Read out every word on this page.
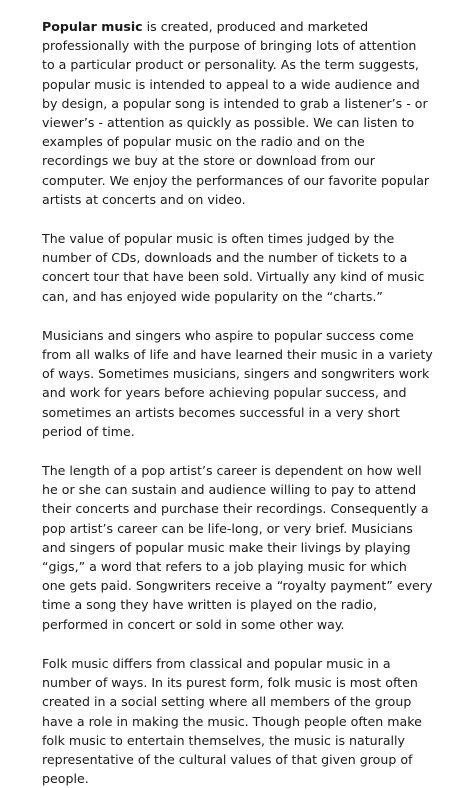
Popular music is created, produced and marketed professionally with the purpose of bringing lots of attention to a particular product or personality. As the term suggests, popular music is intended to appeal to a wide audience and by design, a popular song is intended to grab a listener’s - or viewer’s - attention as quickly as possible. We can listen to examples of popular music on the radio and on the recordings we buy at the store or download from our computer. We enjoy the performances of our favorite popular artists at concerts and on video.

The value of popular music is often times judged by the number of CDs, downloads and the number of tickets to a concert tour that have been sold. Virtually any kind of music can, and has enjoyed wide popularity on the “charts.”

Musicians and singers who aspire to popular success come from all walks of life and have learned their music in a variety of ways. Sometimes musicians, singers and songwriters work and work for years before achieving popular success, and sometimes an artists becomes successful in a very short period of time.

The length of a pop artist’s career is dependent on how well he or she can sustain and audience willing to pay to attend their concerts and purchase their recordings. Consequently a pop artist’s career can be life-long, or very brief. Musicians and singers of popular music make their livings by playing “gigs,” a word that refers to a job playing music for which one gets paid. Songwriters receive a “royalty payment” every time a song they have written is played on the radio, performed in concert or sold in some other way.

Folk music differs from classical and popular music in a number of ways. In its purest form, folk music is most often created in a social setting where all members of the group have a role in making the music. Though people often make folk music to entertain themselves, the music is naturally representative of the cultural values of that given group of people.
